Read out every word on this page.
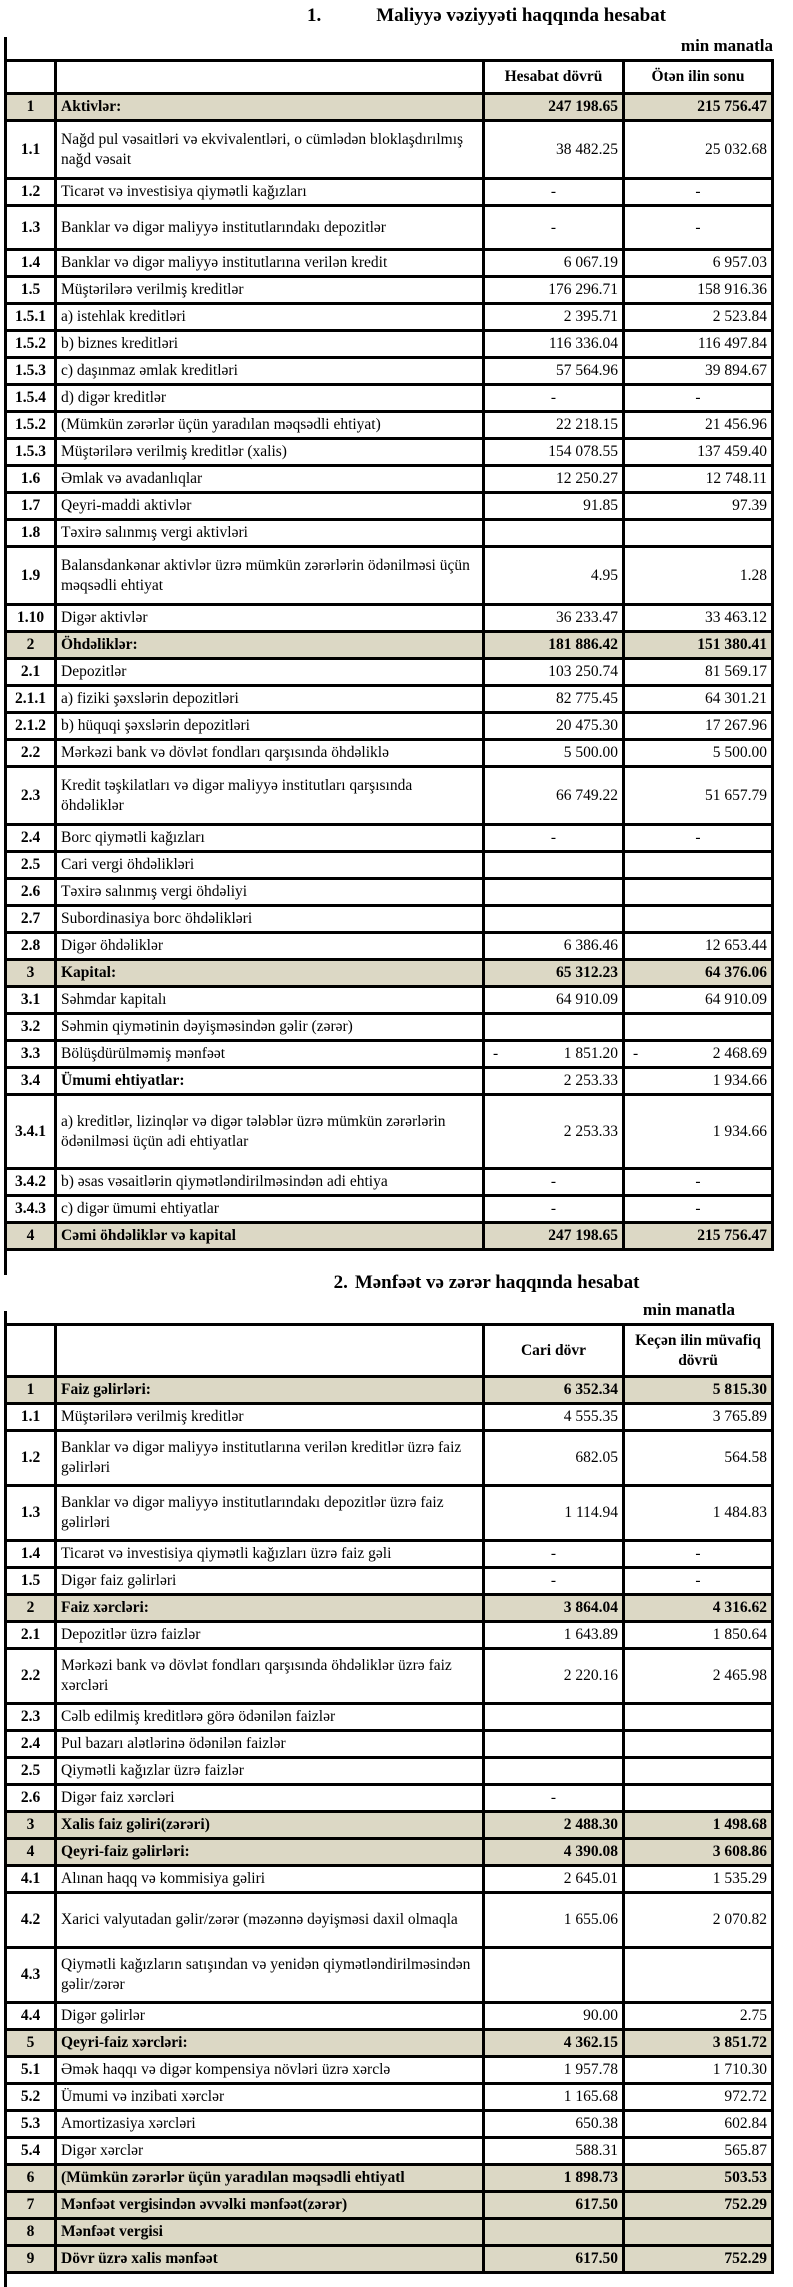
1.	Maliyyə vəziyyəti haqqında hesabat
min manatla
		Hesabat dövrü	Ötən ilin sonu
1	Aktivlər:	247 198.65	215 756.47
1.1	Nağd pul vəsaitləri və ekvivalentləri, o cümlədən bloklaşdırılmış nağd vəsait	38 482.25	25 032.68
1.2	Ticarət və investisiya qiymətli kağızları	-	-
1.3	Banklar və digər maliyyə institutlarındakı depozitlər	-	-
1.4	Banklar və digər maliyyə institutlarına verilən kredit	6 067.19	6 957.03
1.5	Müştərilərə verilmiş kreditlər	176 296.71	158 916.36
1.5.1	a) istehlak kreditləri	2 395.71	2 523.84
1.5.2	b) biznes kreditləri	116 336.04	116 497.84
1.5.3	c) daşınmaz əmlak kreditləri	57 564.96	39 894.67
1.5.4	d) digər kreditlər	-	-
1.5.2	(Mümkün zərərlər üçün yaradılan məqsədli ehtiyat)	22 218.15	21 456.96
1.5.3	Müştərilərə verilmiş kreditlər (xalis)	154 078.55	137 459.40
1.6	Əmlak və avadanlıqlar	12 250.27	12 748.11
1.7	Qeyri-maddi aktivlər	91.85	97.39
1.8	Təxirə salınmış vergi aktivləri		
1.9	Balansdankənar aktivlər üzrə mümkün zərərlərin ödənilməsi üçün məqsədli ehtiyat	4.95	1.28
1.10	Digər aktivlər	36 233.47	33 463.12
2	Öhdəliklər:	181 886.42	151 380.41
2.1	Depozitlər	103 250.74	81 569.17
2.1.1	a) fiziki şəxslərin depozitləri	82 775.45	64 301.21
2.1.2	b) hüquqi şəxslərin depozitləri	20 475.30	17 267.96
2.2	Mərkəzi bank və dövlət fondları qarşısında öhdəliklə	5 500.00	5 500.00
2.3	Kredit təşkilatları və digər maliyyə institutları qarşısında öhdəliklər	66 749.22	51 657.79
2.4	Borc qiymətli kağızları	-	-
2.5	Cari vergi öhdəlikləri		
2.6	Təxirə salınmış vergi öhdəliyi		
2.7	Subordinasiya borc öhdəlikləri		
2.8	Digər öhdəliklər	6 386.46	12 653.44
3	Kapital:	65 312.23	64 376.06
3.1	Səhmdar kapitalı	64 910.09	64 910.09
3.2	Səhmin qiymətinin dəyişməsindən gəlir (zərər)		
3.3	Bölüşdürülməmiş mənfəət	- 1 851.20	- 2 468.69
3.4	Ümumi ehtiyatlar:	2 253.33	1 934.66
3.4.1	a) kreditlər, lizinqlər və digər tələblər üzrə mümkün zərərlərin ödənilməsi üçün adi ehtiyatlar	2 253.33	1 934.66
3.4.2	b) əsas vəsaitlərin qiymətləndirilməsindən adi ehtiya	-	-
3.4.3	c) digər ümumi ehtiyatlar	-	-
4	Cəmi öhdəliklər və kapital	247 198.65	215 756.47
2. Mənfəət və zərər haqqında hesabat
min manatla
		Cari dövr	Keçən ilin müvafiq dövrü
1	Faiz gəlirləri:	6 352.34	5 815.30
1.1	Müştərilərə verilmiş kreditlər	4 555.35	3 765.89
1.2	Banklar və digər maliyyə institutlarına verilən kreditlər üzrə faiz gəlirləri	682.05	564.58
1.3	Banklar və digər maliyyə institutlarındakı depozitlər üzrə faiz gəlirləri	1 114.94	1 484.83
1.4	Ticarət və investisiya qiymətli kağızları üzrə faiz gəli	-	-
1.5	Digər faiz gəlirləri	-	-
2	Faiz xərcləri:	3 864.04	4 316.62
2.1	Depozitlər üzrə faizlər	1 643.89	1 850.64
2.2	Mərkəzi bank və dövlət fondları qarşısında öhdəliklər üzrə faiz xərcləri	2 220.16	2 465.98
2.3	Cəlb edilmiş kreditlərə görə ödənilən faizlər		
2.4	Pul bazarı alətlərinə ödənilən faizlər		
2.5	Qiymətli kağızlar üzrə faizlər		
2.6	Digər faiz xərcləri	-	
3	Xalis faiz gəliri(zərəri)	2 488.30	1 498.68
4	Qeyri-faiz gəlirləri:	4 390.08	3 608.86
4.1	Alınan haqq və kommisiya gəliri	2 645.01	1 535.29
4.2	Xarici valyutadan gəlir/zərər (məzənnə dəyişməsi daxil olmaqla	1 655.06	2 070.82
4.3	Qiymətli kağızların satışından və yenidən qiymətləndirilməsindən gəlir/zərər		
4.4	Digər gəlirlər	90.00	2.75
5	Qeyri-faiz xərcləri:	4 362.15	3 851.72
5.1	Əmək haqqı və digər kompensiya növləri üzrə xərclə	1 957.78	1 710.30
5.2	Ümumi və inzibati xərclər	1 165.68	972.72
5.3	Amortizasiya xərcləri	650.38	602.84
5.4	Digər xərclər	588.31	565.87
6	(Mümkün zərərlər üçün yaradılan məqsədli ehtiyatl	1 898.73	503.53
7	Mənfəət vergisindən əvvəlki mənfəət(zərər)	617.50	752.29
8	Mənfəət vergisi		
9	Dövr üzrə xalis mənfəət	617.50	752.29
